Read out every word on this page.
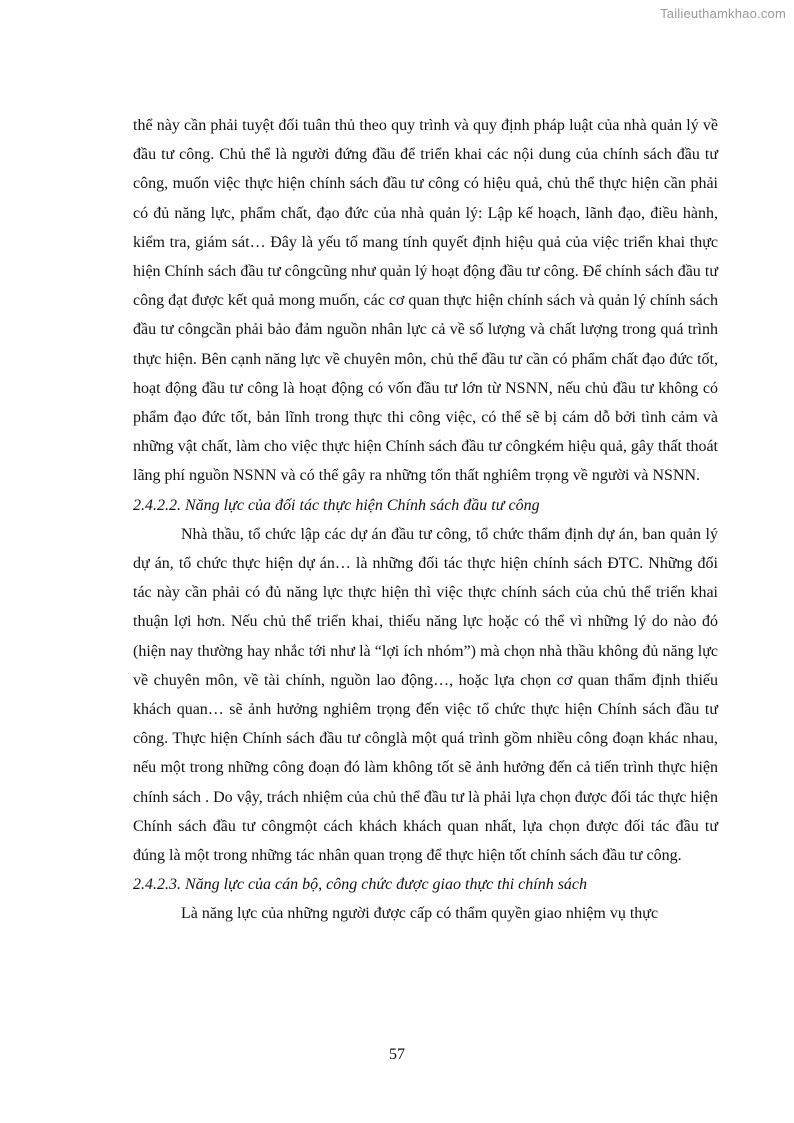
Tailieuthamkhao.com

thể này cần phải tuyệt đối tuân thủ theo quy trình và quy định pháp luật của nhà quản lý về đầu tư công. Chủ thể là người đứng đầu để triển khai các nội dung của chính sách đầu tư công, muốn việc thực hiện chính sách đầu tư công có hiệu quả, chủ thể thực hiện cần phải có đủ năng lực, phẩm chất, đạo đức của nhà quản lý: Lập kế hoạch, lãnh đạo, điều hành, kiểm tra, giám sát… Đây là yếu tố mang tính quyết định hiệu quả của việc triển khai thực hiện Chính sách đầu tư côngcũng như quản lý hoạt động đầu tư công. Để chính sách đầu tư công đạt được kết quả mong muốn, các cơ quan thực hiện chính sách và quản lý chính sách đầu tư côngcần phải bảo đảm nguồn nhân lực cả về số lượng và chất lượng trong quá trình thực hiện. Bên cạnh năng lực về chuyên môn, chủ thể đầu tư cần có phẩm chất đạo đức tốt, hoạt động đầu tư công là hoạt động có vốn đầu tư lớn từ NSNN, nếu chủ đầu tư không có phẩm đạo đức tốt, bản lĩnh trong thực thi công việc, có thể sẽ bị cám dỗ bởi tình cảm và những vật chất, làm cho việc thực hiện Chính sách đầu tư côngkém hiệu quả, gây thất thoát lãng phí nguồn NSNN và có thể gây ra những tổn thất nghiêm trọng về người và NSNN.

2.4.2.2. Năng lực của đối tác thực hiện Chính sách đầu tư công

Nhà thầu, tổ chức lập các dự án đầu tư công, tổ chức thẩm định dự án, ban quản lý dự án, tổ chức thực hiện dự án… là những đối tác thực hiện chính sách ĐTC. Những đối tác này cần phải có đủ năng lực thực hiện thì việc thực chính sách của chủ thể triển khai thuận lợi hơn. Nếu chủ thể triển khai, thiếu năng lực hoặc có thể vì những lý do nào đó (hiện nay thường hay nhắc tới như là “lợi ích nhóm”) mà chọn nhà thầu không đủ năng lực về chuyên môn, về tài chính, nguồn lao động…, hoặc lựa chọn cơ quan thẩm định thiếu khách quan… sẽ ảnh hưởng nghiêm trọng đến việc tổ chức thực hiện Chính sách đầu tư công. Thực hiện Chính sách đầu tư cônglà một quá trình gồm nhiều công đoạn khác nhau, nếu một trong những công đoạn đó làm không tốt sẽ ảnh hưởng đến cả tiến trình thực hiện chính sách . Do vậy, trách nhiệm của chủ thể đầu tư là phải lựa chọn được đối tác thực hiện Chính sách đầu tư côngmột cách khách khách quan nhất, lựa chọn được đối tác đầu tư đúng là một trong những tác nhân quan trọng để thực hiện tốt chính sách đầu tư công.

2.4.2.3. Năng lực của cán bộ, công chức được giao thực thi chính sách

Là năng lực của những người được cấp có thẩm quyền giao nhiệm vụ thực

57
